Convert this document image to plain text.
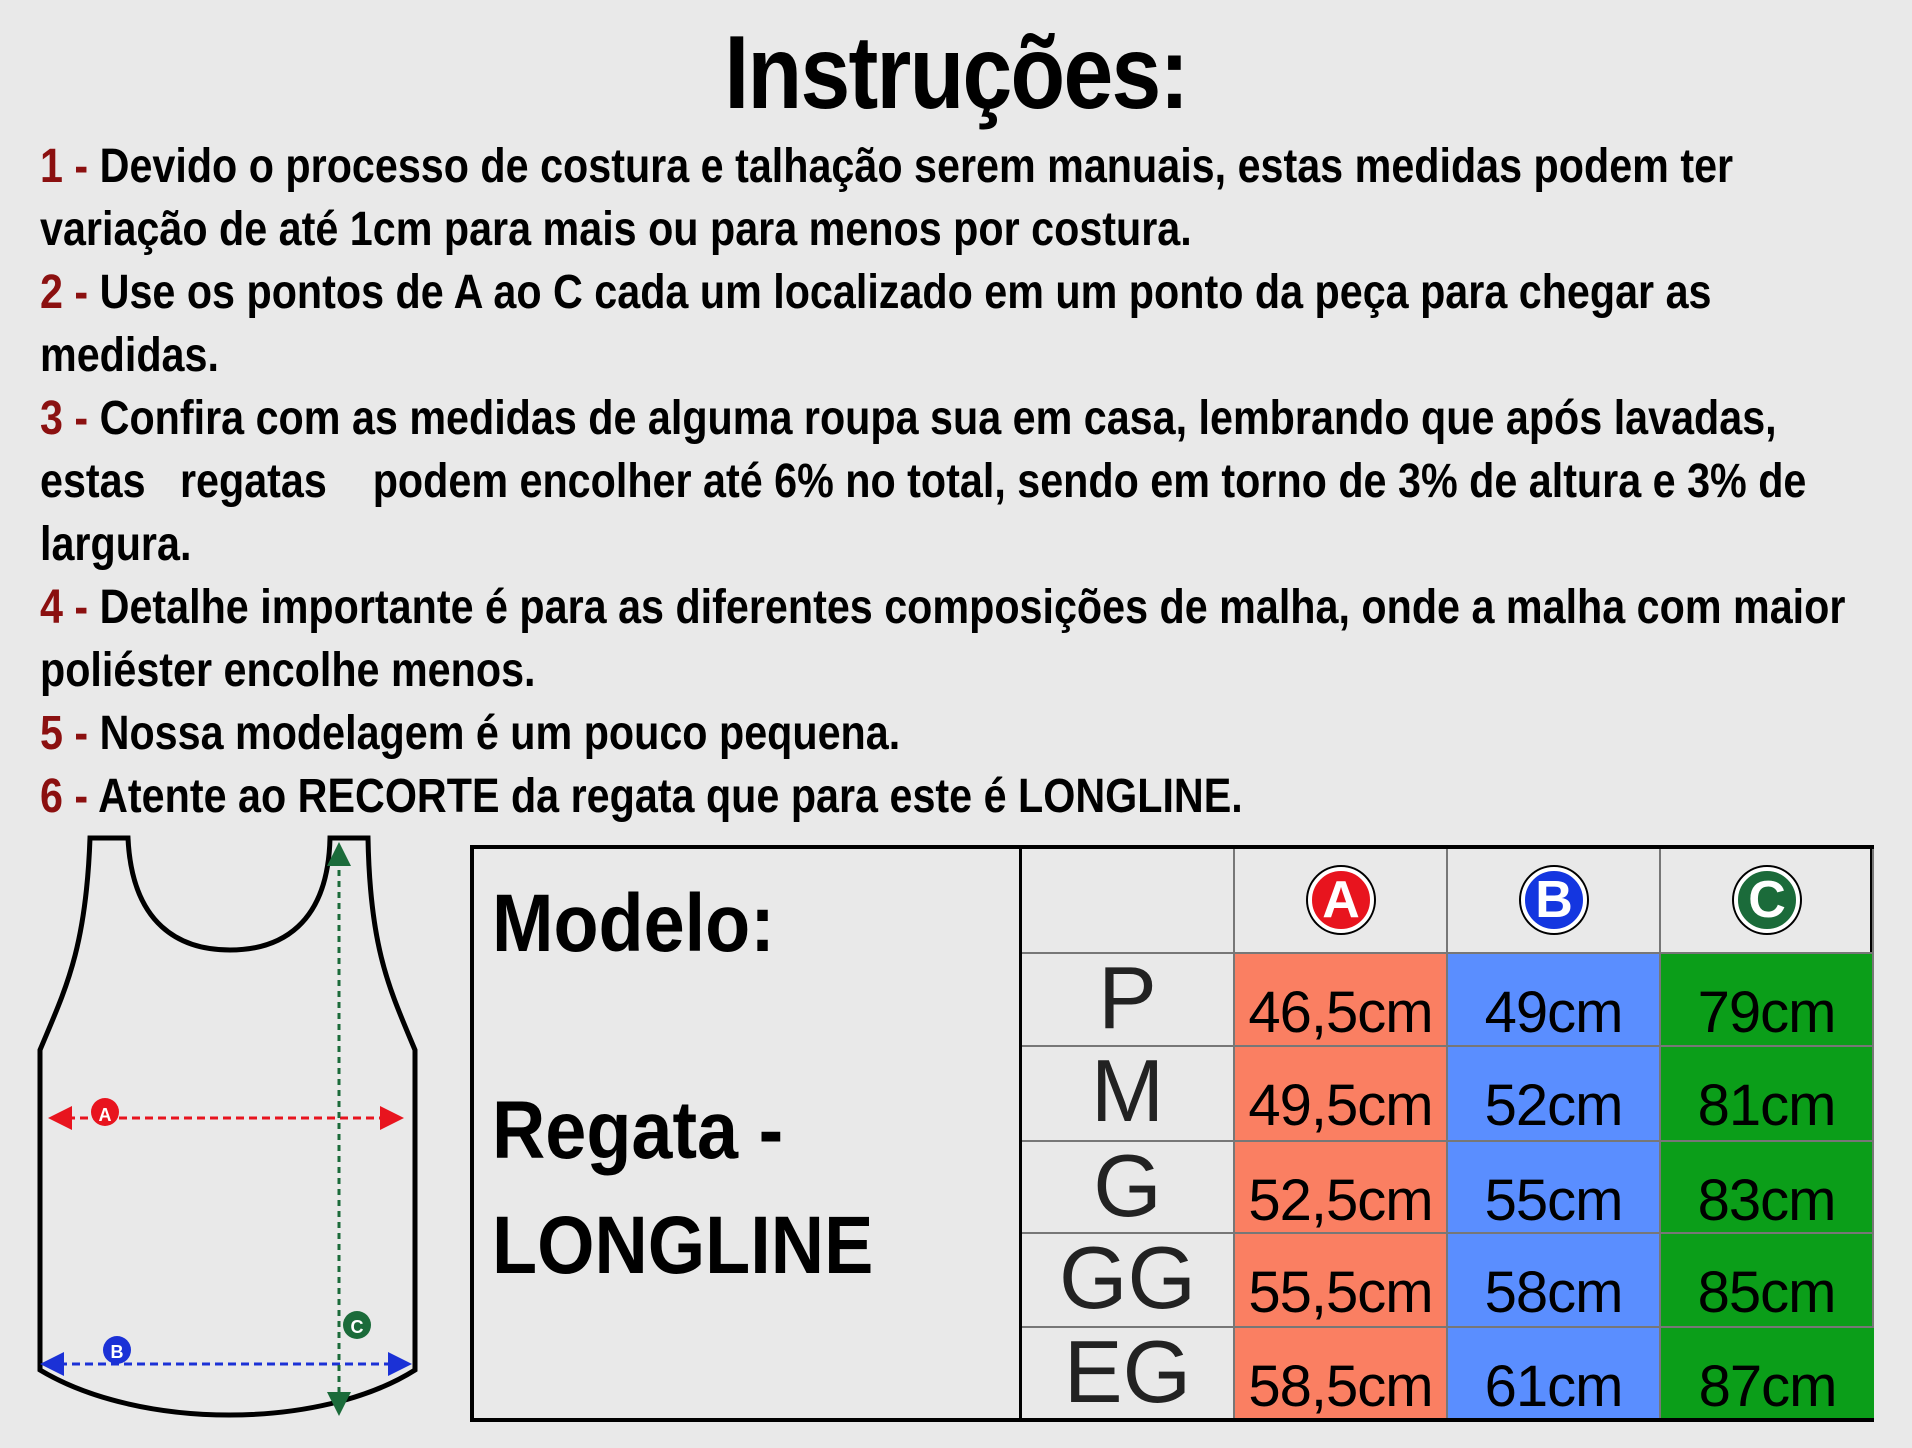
Instruções:
1 - Devido o processo de costura e talhação serem manuais, estas medidas podem ter variação de até 1cm para mais ou para menos por costura.
2 - Use os pontos de A ao C cada um localizado em um ponto da peça para chegar as medidas.
3 - Confira com as medidas de alguma roupa sua em casa, lembrando que após lavadas, estas   regatas    podem encolher até 6% no total, sendo em torno de 3% de altura e 3% de largura.
4 - Detalhe importante é para as diferentes composições de malha, onde a malha com maior poliéster encolhe menos.
5 - Nossa modelagem é um pouco pequena.
6 - Atente ao RECORTE da regata que para este é LONGLINE.
A
B
C
Modelo:
Regata -
LONGLINE
A	B	C
P	46,5cm 49cm	79cm
M	49,5cm 52cm	81cm
G	52,5cm 55cm	83cm
GG 55,5cm 58cm	85cm
EG 58,5cm 61cm	87cm
